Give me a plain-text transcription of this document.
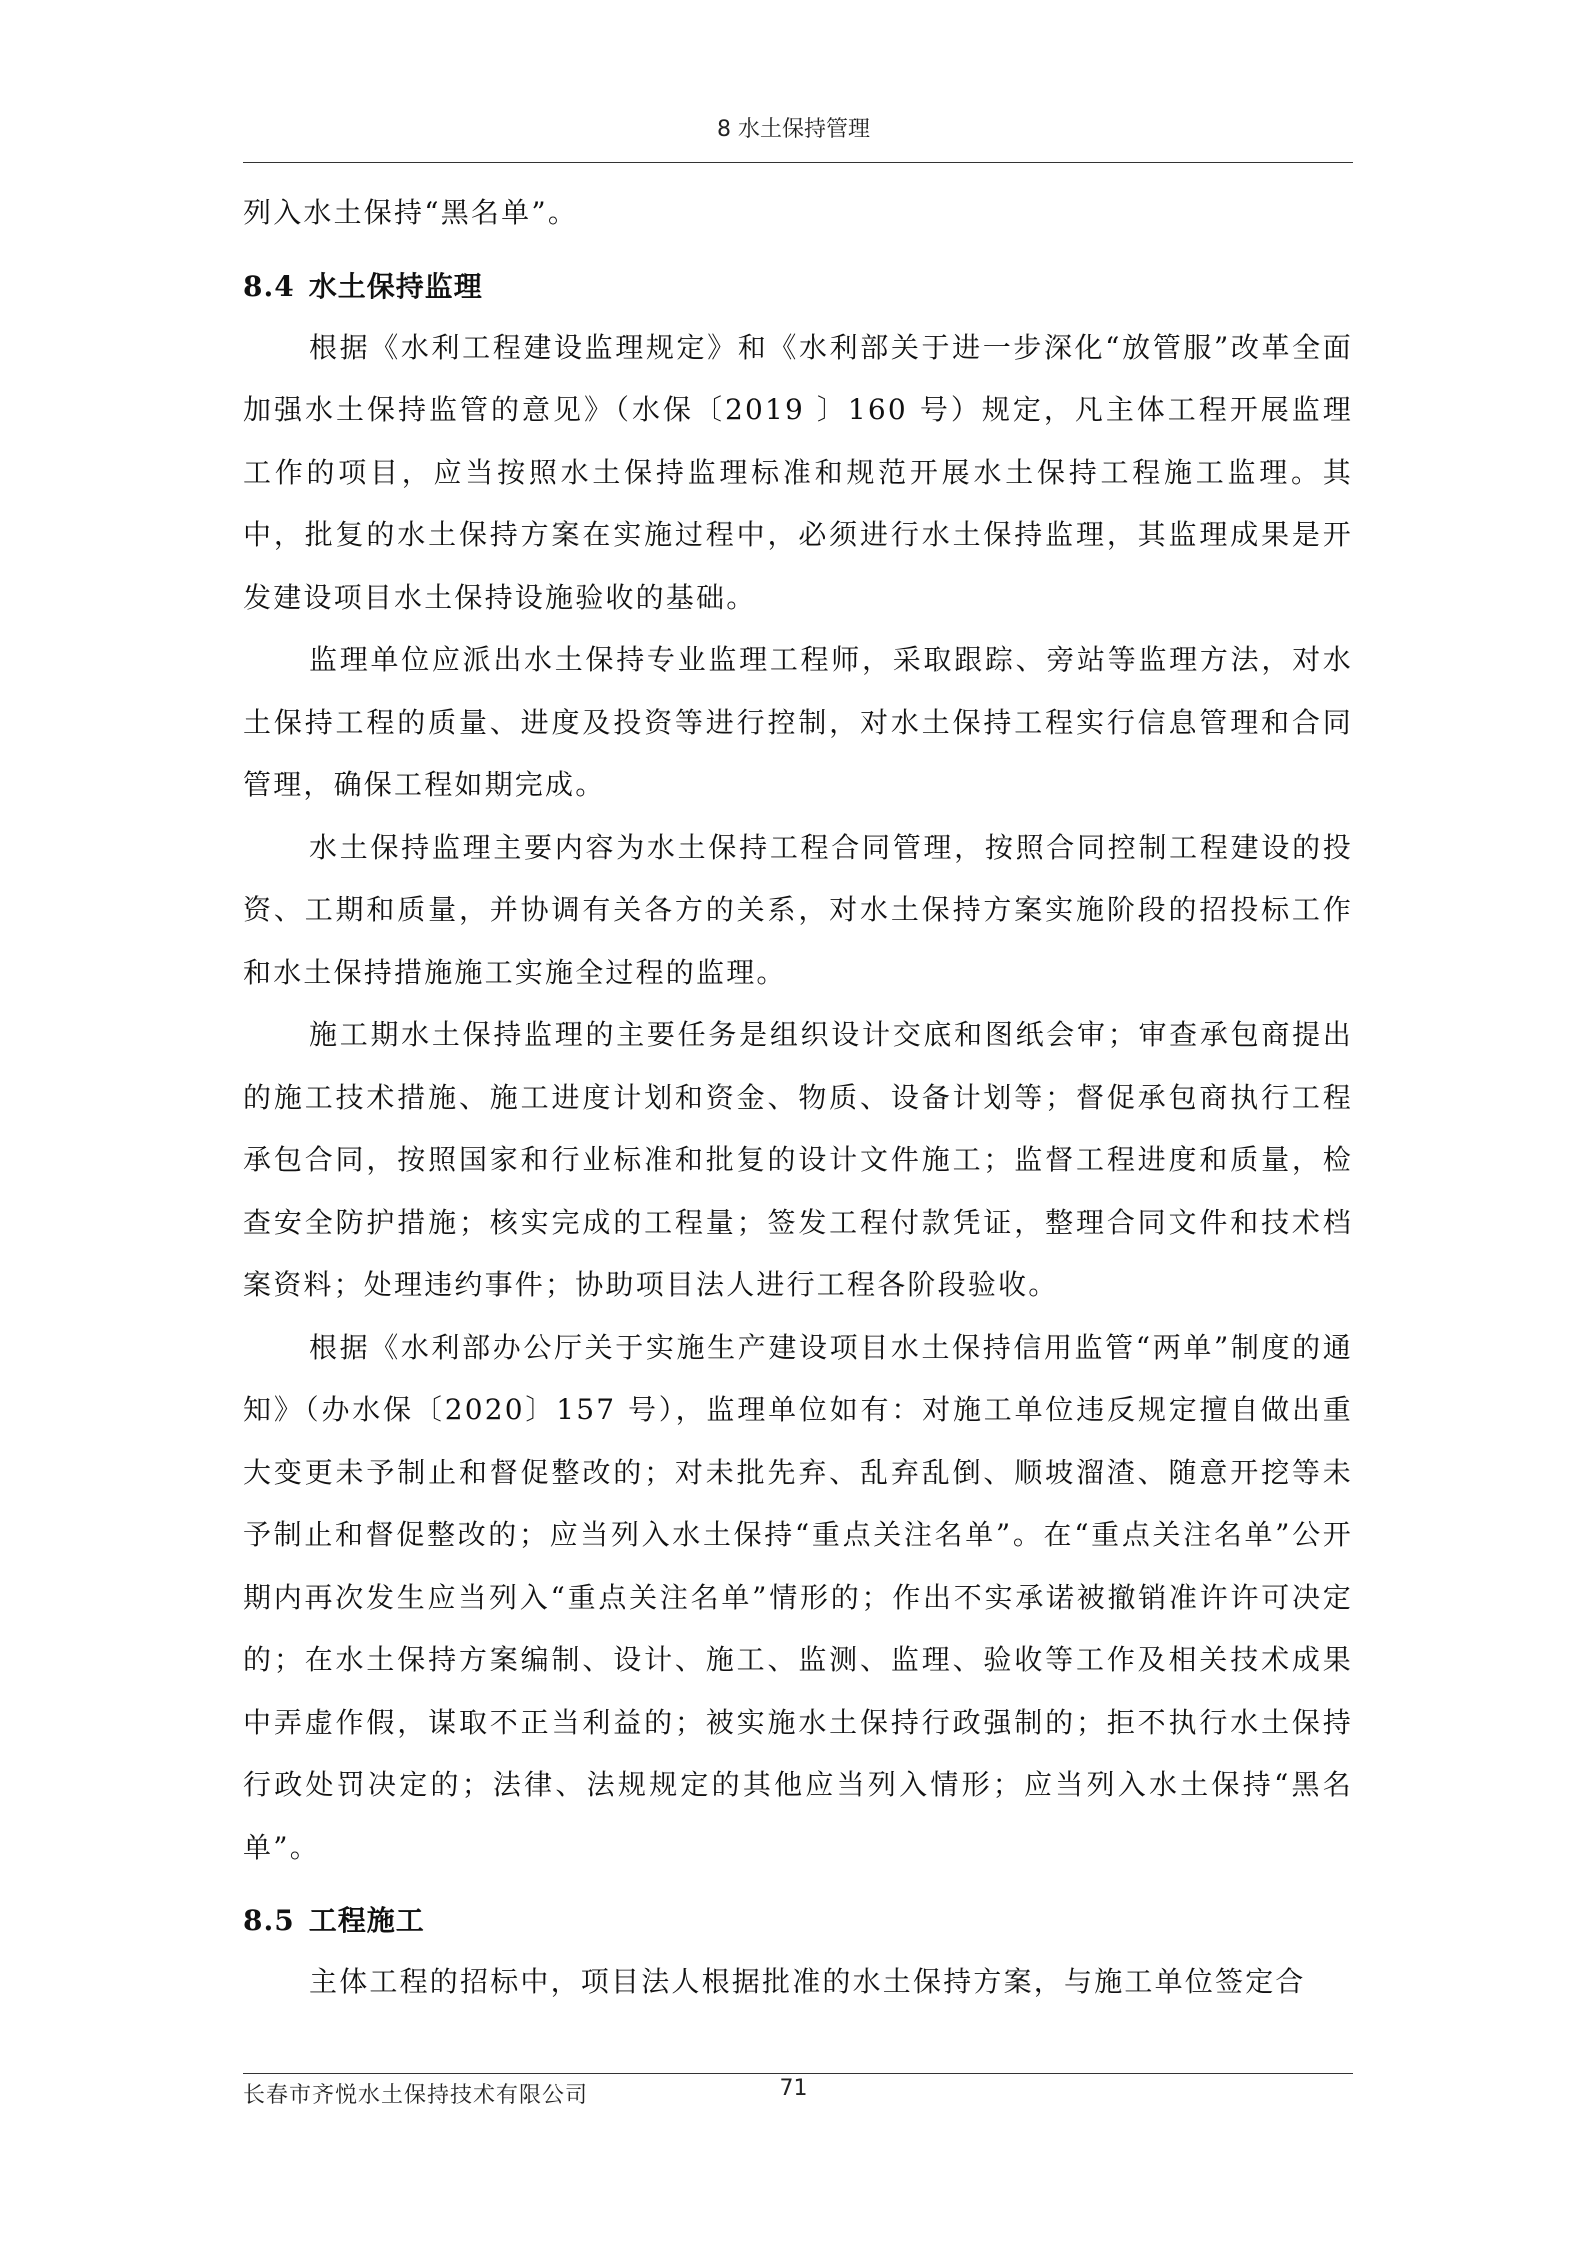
8 水土保持管理

列入水土保持“黑名单”。

8.4 水土保持监理

根据《水利工程建设监理规定》和《水利部关于进一步深化“放管服”改革全面加强水土保持监管的意见》（水保〔2019 〕160 号）规定，凡主体工程开展监理工作的项目，应当按照水土保持监理标准和规范开展水土保持工程施工监理。其中，批复的水土保持方案在实施过程中，必须进行水土保持监理，其监理成果是开发建设项目水土保持设施验收的基础。

监理单位应派出水土保持专业监理工程师，采取跟踪、旁站等监理方法，对水土保持工程的质量、进度及投资等进行控制，对水土保持工程实行信息管理和合同管理，确保工程如期完成。

水土保持监理主要内容为水土保持工程合同管理，按照合同控制工程建设的投资、工期和质量，并协调有关各方的关系，对水土保持方案实施阶段的招投标工作和水土保持措施施工实施全过程的监理。

施工期水土保持监理的主要任务是组织设计交底和图纸会审；审查承包商提出的施工技术措施、施工进度计划和资金、物质、设备计划等；督促承包商执行工程承包合同，按照国家和行业标准和批复的设计文件施工；监督工程进度和质量，检查安全防护措施；核实完成的工程量；签发工程付款凭证，整理合同文件和技术档案资料；处理违约事件；协助项目法人进行工程各阶段验收。

根据《水利部办公厅关于实施生产建设项目水土保持信用监管“两单”制度的通知》（办水保〔2020〕157 号），监理单位如有：对施工单位违反规定擅自做出重大变更未予制止和督促整改的；对未批先弃、乱弃乱倒、顺坡溜渣、随意开挖等未予制止和督促整改的；应当列入水土保持“重点关注名单”。在“重点关注名单”公开期内再次发生应当列入“重点关注名单”情形的；作出不实承诺被撤销准许许可决定的；在水土保持方案编制、设计、施工、监测、监理、验收等工作及相关技术成果中弄虚作假，谋取不正当利益的；被实施水土保持行政强制的；拒不执行水土保持行政处罚决定的；法律、法规规定的其他应当列入情形；应当列入水土保持“黑名单”。

8.5 工程施工

主体工程的招标中，项目法人根据批准的水土保持方案，与施工单位签定合

长春市齐悦水土保持技术有限公司	71
